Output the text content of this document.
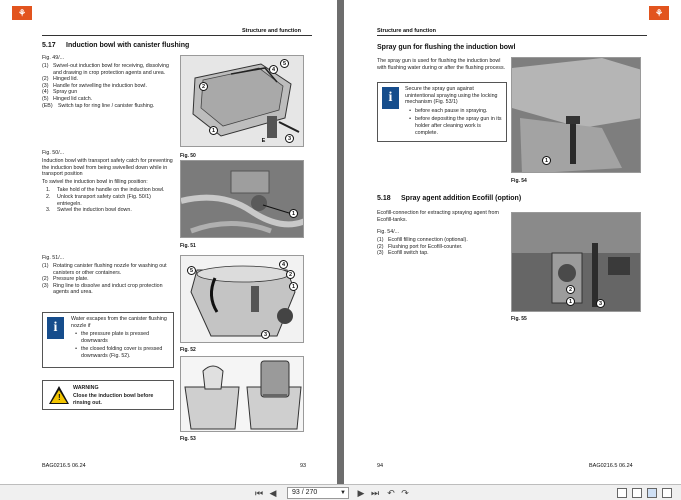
⚘
Structure and function
5.17 Induction bowl with canister flushing

Fig. 49/...

(1) Swivel-out induction bowl for receiving, dissolving and drawing in crop protection agents and urea.
(2) Hinged lid.
(3) Handle for swivelling the induction bowl.
(4) Spray gun
(5) Hinged lid catch.
(EB)	Switch tap for ring line / canister flushing.
5
4
2
1
E	3
Fig. 50

Fig. 50/...

Induction bowl with transport safety catch for preventing the induction bowl from being swivelled down while in transport position

To swivel the induction bowl in filling position:

1.	Take hold of the handle on the induction bowl.
2.	Unlock transport safety catch (Fig. 50/1) entriegeln.
3.	Swivel the induction bowl down.
1
Fig. 51

Fig. 51/...

(1) Rotating canister flushing nozzle for washing out canisters or other containers.
(2) Pressure plate.
(3) Ring line to dissolve and induct crop protection agents and urea.
i

Water escapes from the canister flushing nozzle if

• the pressure plate is pressed downwards
• the closed folding cover is pressed downwards (Fig. 52).
!

WARNING

Close the induction bowl before rinsing out.

5
4
2
1
3
Fig. 52
Fig. 53
BAG0216.5 06.24	93
⚘
Structure and function
Spray gun for flushing the induction bowl
The spray gun is used for flushing the induction bowl with flushing water during or after the flushing process.
i

Secure the spray gun against unintentional spraying using the locking mechanism (Fig. 53/1)

• before each pause in spraying.
• before depositing the spray gun in its holder after cleaning work is complete.
1
Fig. 54
5.18 Spray agent addition Ecofill (option)

Ecofill-connection for extracting spraying agent from Ecofill-tanks.

Fig. 54/...

(1) Ecofill filling connection (optional).
(2) Flushing port for Ecofill-counter.
(3) Ecofill switch tap.
2
1	3
Fig. 55
94	BAG0216.5 06.24
⏮ ◀	93 / 270	▼ ▶ ⏭ ↶ ↷
